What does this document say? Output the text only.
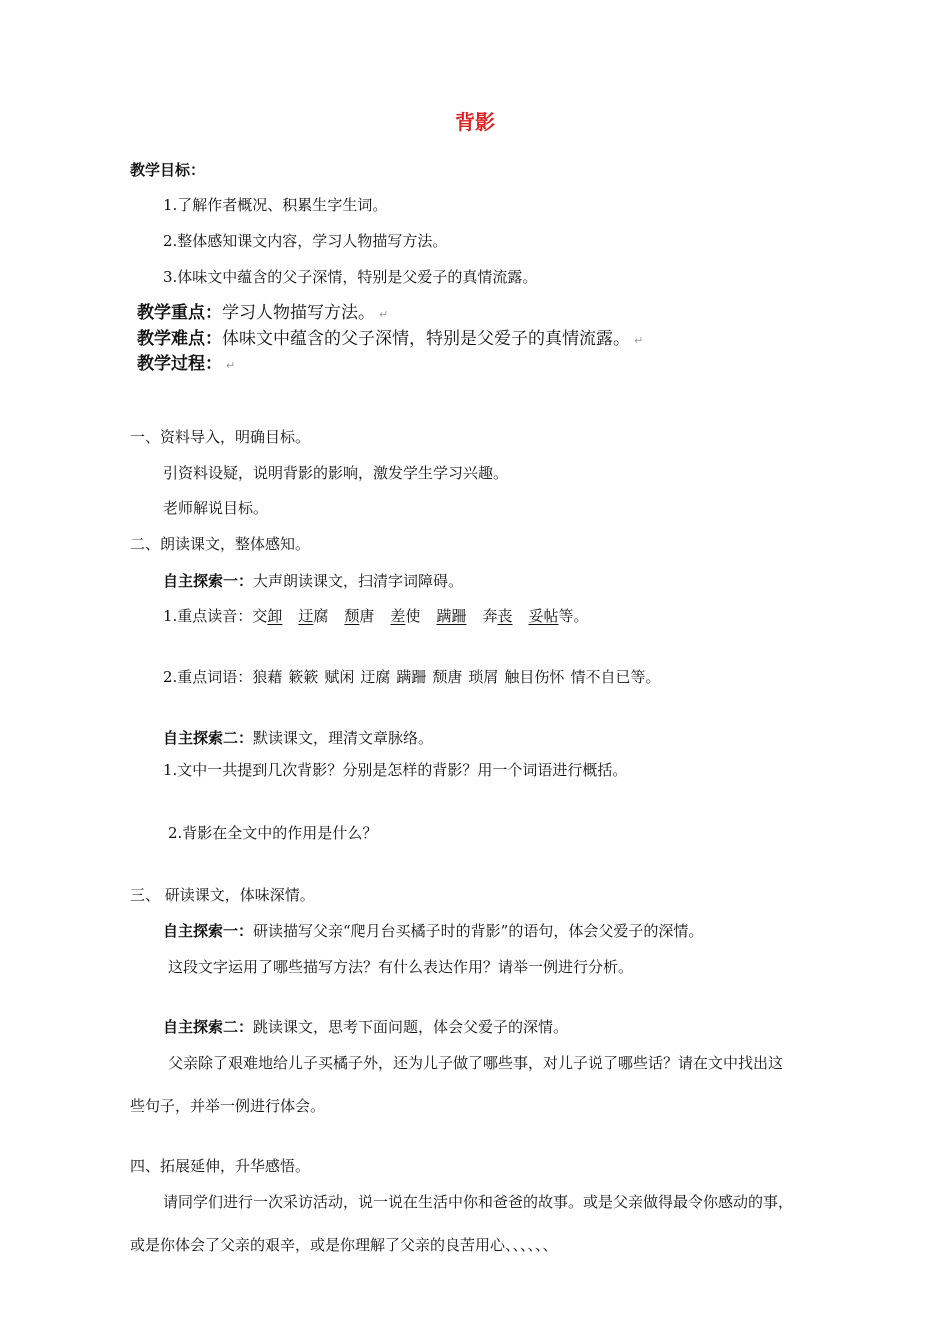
背影
教学目标：
1.了解作者概况、积累生字生词。
2.整体感知课文内容，学习人物描写方法。
3.体味文中蕴含的父子深情，特别是父爱子的真情流露。
教学重点：学习人物描写方法。 ↵
教学难点：体味文中蕴含的父子深情，特别是父爱子的真情流露。 ↵
教学过程： ↵
一、资料导入，明确目标。
引资料设疑，说明背影的影响，激发学生学习兴趣。
老师解说目标。
二、朗读课文，整体感知。
自主探索一：大声朗读课文，扫清字词障碍。
1.重点读音： 交卸 迂腐 颓唐 差使 蹒跚 奔丧 妥帖等。
2.重点词语：狼藉 簌簌 赋闲 迂腐 蹒跚 颓唐 琐屑 触目伤怀 情不自已等。
自主探索二：默读课文，理清文章脉络。
1.文中一共提到几次背影？分别是怎样的背影？用一个词语进行概括。
2.背影在全文中的作用是什么？
三、 研读课文，体味深情。
自主探索一：研读描写父亲“爬月台买橘子时的背影”的语句，体会父爱子的深情。
这段文字运用了哪些描写方法？有什么表达作用？请举一例进行分析。
自主探索二：跳读课文，思考下面问题，体会父爱子的深情。
父亲除了艰难地给儿子买橘子外，还为儿子做了哪些事，对儿子说了哪些话？请在文中找出这
些句子，并举一例进行体会。
四、拓展延伸，升华感悟。
请同学们进行一次采访活动，说一说在生活中你和爸爸的故事。或是父亲做得最令你感动的事，
或是你体会了父亲的艰辛，或是你理解了父亲的良苦用心、、、、、、
